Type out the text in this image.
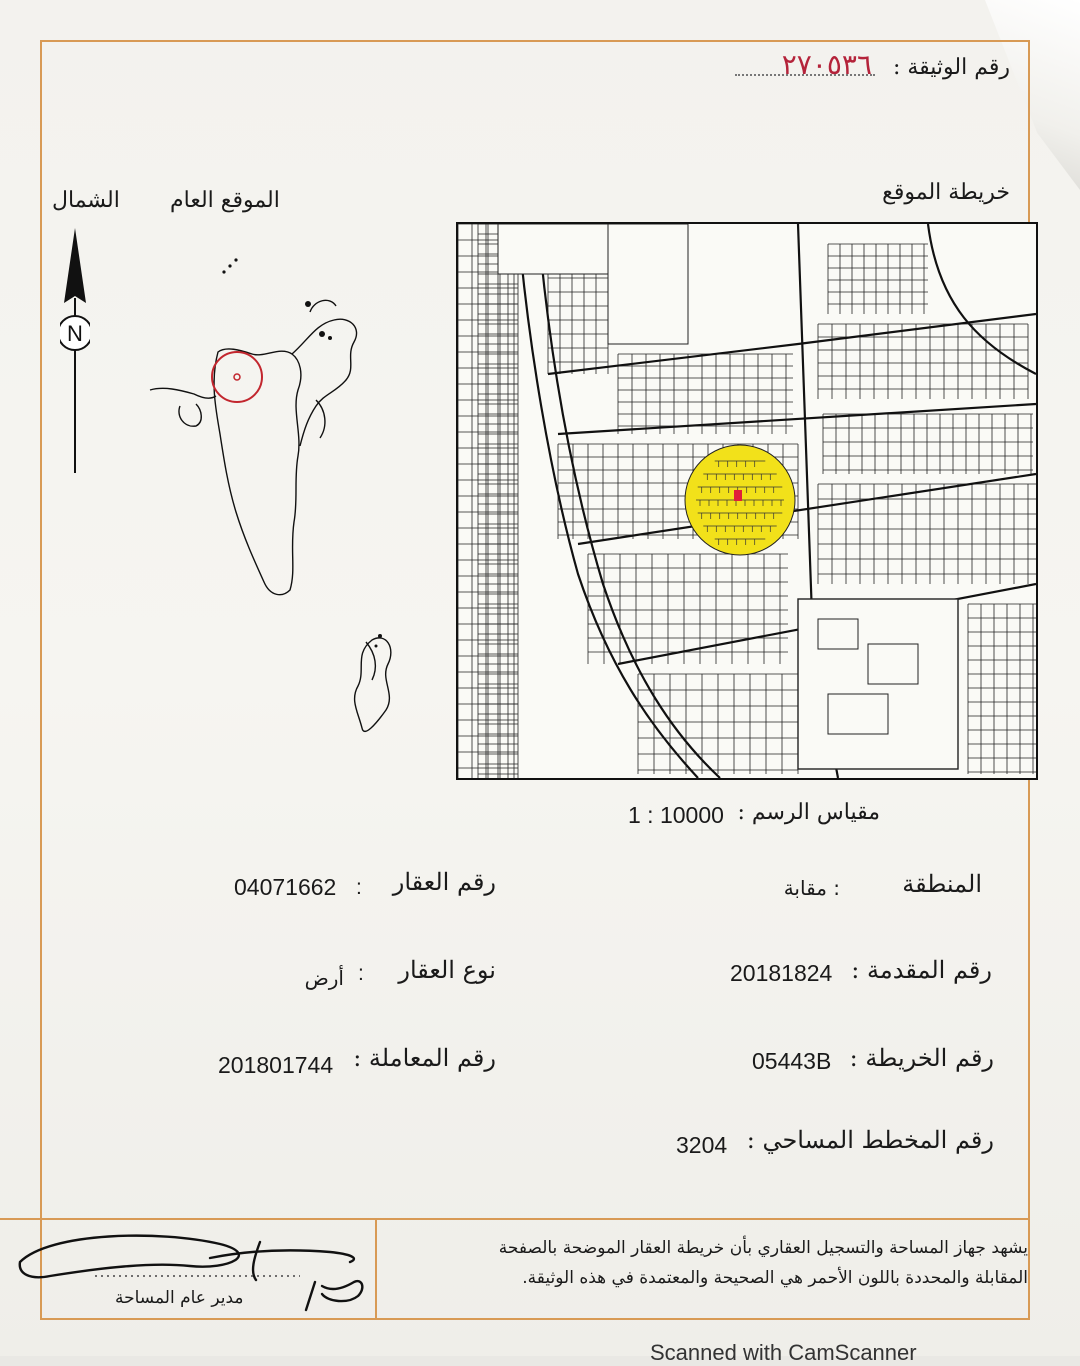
رقم الوثيقة :
٢٧٠٥٣٦
الشمال الموقع العام	خريطة الموقع
N
مقياس الرسم :
1 : 10000
المنطقة
: مقابة
رقم العقار
:
04071662
رقم المقدمة :
20181824
نوع العقار
:
أرض
رقم الخريطة :
05443B
رقم المعاملة :
201801744
رقم المخطط المساحي :
3204
يشهد جهاز المساحة والتسجيل العقاري بأن خريطة العقار الموضحة بالصفحة
المقابلة والمحددة باللون الأحمر هي الصحيحة والمعتمدة في هذه الوثيقة.
مدير عام المساحة
Scanned with CamScanner
